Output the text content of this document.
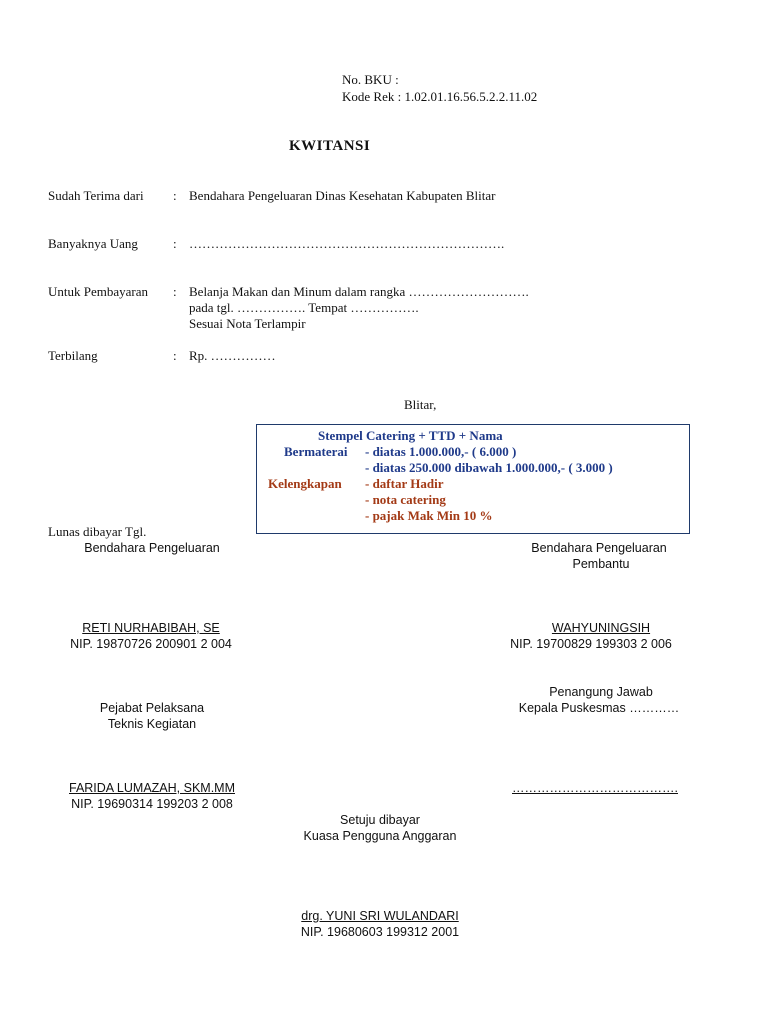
No. BKU :
Kode Rek : 1.02.01.16.56.5.2.2.11.02
KWITANSI
Sudah Terima dari : Bendahara Pengeluaran Dinas Kesehatan Kabupaten Blitar
Banyaknya Uang	: ……………………………………………………………….
Untuk Pembayaran : Belanja Makan dan Minum dalam rangka ……………………….
pada tgl. ……………. Tempat …………….
Sesuai Nota Terlampir
Terbilang	: Rp. ……………
Blitar,
Stempel Catering + TTD + Nama
Bermaterai - diatas 1.000.000,- ( 6.000 )
- diatas 250.000 dibawah 1.000.000,- ( 3.000 )
Kelengkapan - daftar Hadir
- nota catering
- pajak Mak Min 10 %
Lunas dibayar Tgl.
Bendahara Pengeluaran	Bendahara Pengeluaran
Pembantu
RETI NURHABIBAH, SE
NIP. 19870726 200901 2 004
WAHYUNINGSIH
NIP. 19700829 199303 2 006
Penangung Jawab
Pejabat Pelaksana	Kepala Puskesmas …………
Teknis Kegiatan
FARIDA LUMAZAH, SKM.MM
NIP. 19690314 199203 2 008
………………………………….
Setuju dibayar
Kuasa Pengguna Anggaran
drg. YUNI SRI WULANDARI
NIP. 19680603 199312 2001
